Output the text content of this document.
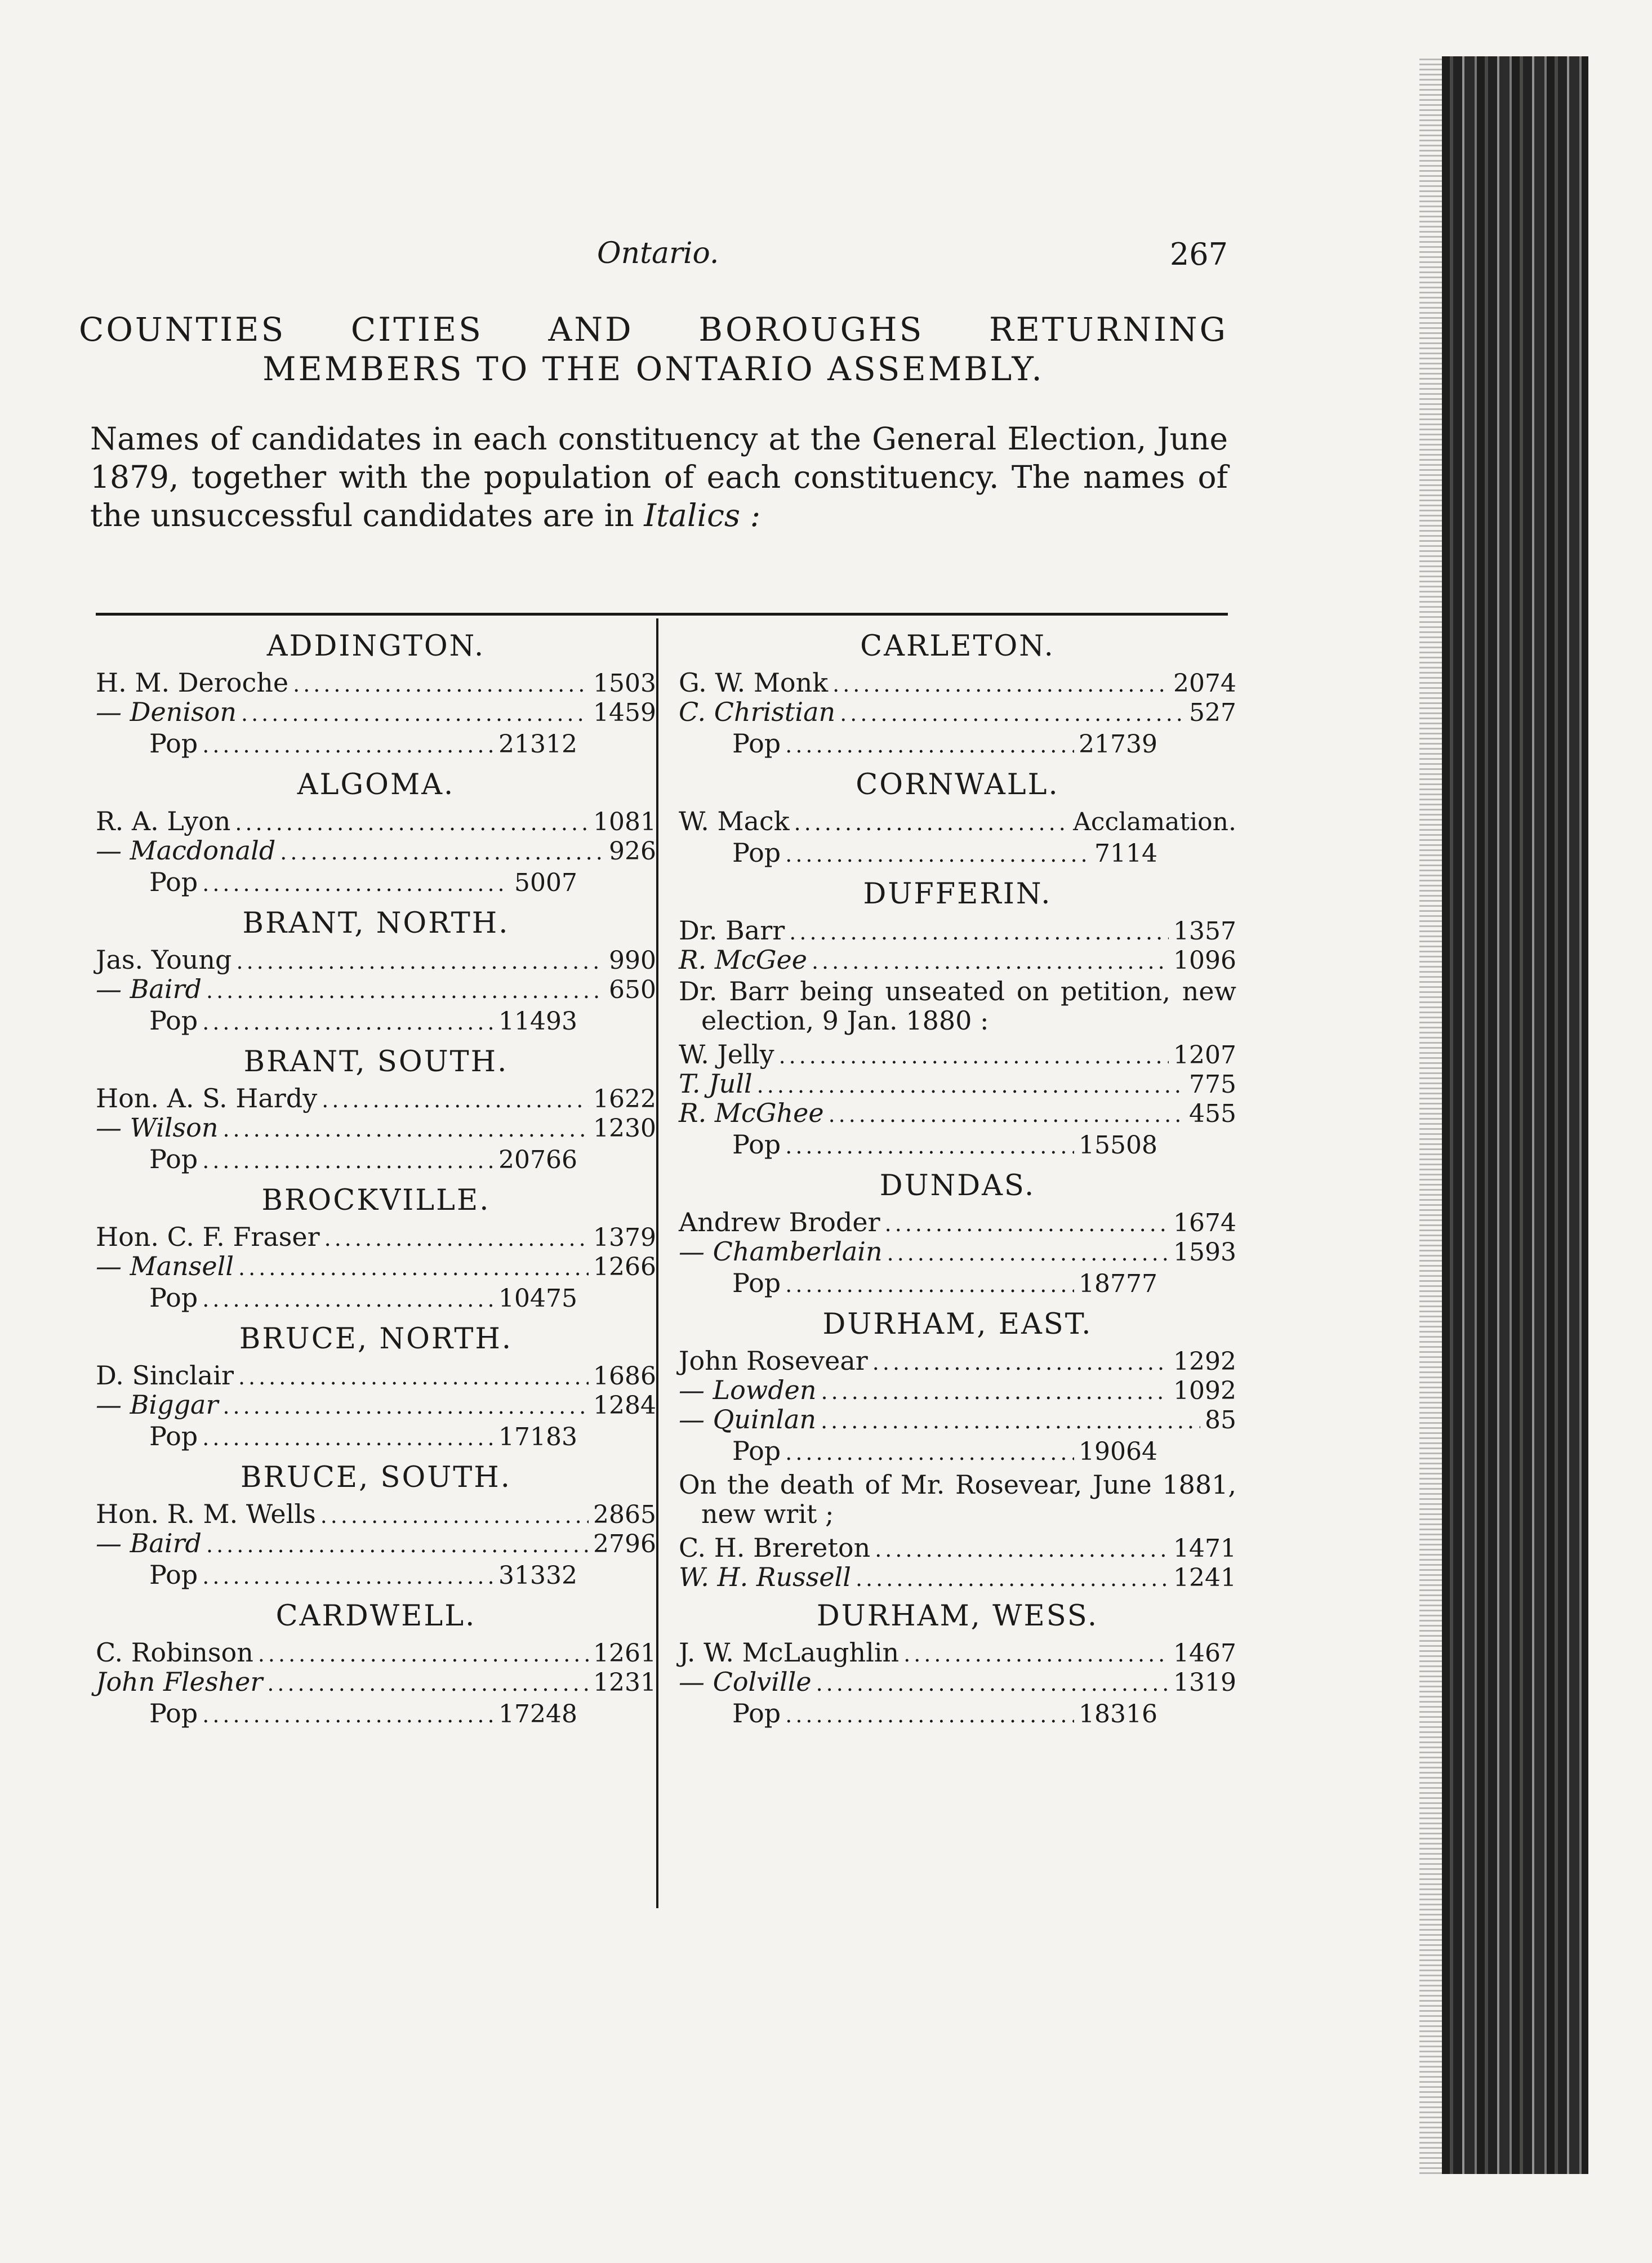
Ontario.	267
COUNTIES CITIES AND BOROUGHS RETURNING MEMBERS TO THE ONTARIO ASSEMBLY.
Names of candidates in each constituency at the General Election, June 1879, together with the population of each constituency. The names of the unsuccessful candidates are in Italics :
ADDINGTON.
H. M. Deroche .....	1503
— Denison .....	1459
Pop .....	21312
ALGOMA.
R. A. Lyon .....	1081
— Macdonald .....	926
Pop .....	5007
BRANT, NORTH.
Jas. Young .....	990
— Baird .....	650
Pop .....	11493
BRANT, SOUTH.
Hon. A. S. Hardy .....	1622
— Wilson .....	1230
Pop .....	20766
BROCKVILLE.
Hon. C. F. Fraser .....	1379
— Mansell .....	1266
Pop .....	10475
BRUCE, NORTH.
D. Sinclair .....	1686
— Biggar .....	1284
Pop .....	17183
BRUCE, SOUTH.
Hon. R. M. Wells .....	2865
— Baird .....	2796
Pop .....	31332
CARDWELL.
C. Robinson .....	1261
John Flesher .....	1231
Pop .....	17248
CARLETON.
G. W. Monk .....	2074
C. Christian .....	527
Pop .....	21739
CORNWALL.
W. Mack .....	Acclamation.
Pop .....	7114
DUFFERIN.
Dr. Barr .....	1357
R. McGee .....	1096
Dr. Barr being unseated on petition, new election, 9 Jan. 1880 :
W. Jelly .....	1207
T. Jull .....	775
R. McGhee .....	455
Pop .....	15508
DUNDAS.
Andrew Broder .....	1674
— Chamberlain .....	1593
Pop .....	18777
DURHAM, EAST.
John Rosevear .....	1292
— Lowden .....	1092
— Quinlan .....	85
Pop .....	19064
On the death of Mr. Rosevear, June 1881, new writ ;
C. H. Brereton .....	1471
W. H. Russell .....	1241
DURHAM, WESS.
J. W. McLaughlin .....	1467
— Colville .....	1319
Pop .....	18316
